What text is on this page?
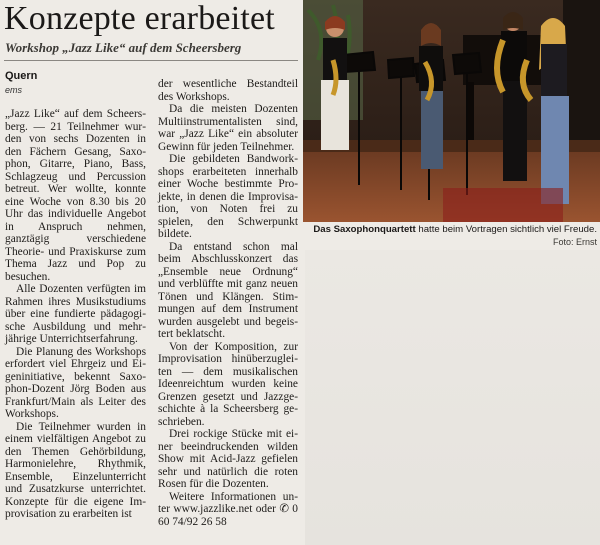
Konzepte erarbeitet
Workshop „Jazz Like“ auf dem Scheersberg
Quern
ems

„Jazz Like“ auf dem Scheersberg. — 21 Teilnehmer wurden von sechs Dozenten in den Fächern Gesang, Saxophon, Gitarre, Piano, Bass, Schlagzeug und Percussion betreut. Wer wollte, konnte eine Woche von 8.30 bis 20 Uhr das individuelle Angebot in Anspruch nehmen, ganztägig verschiedene Theorie- und Praxiskurse zum Thema Jazz und Pop zu besuchen.

Alle Dozenten verfügten im Rahmen ihres Musikstudiums über eine fundierte pädagogische Ausbildung und mehrjährige Unterrichtserfahrung.

Die Planung des Workshops erfordert viel Ehrgeiz und Eigeninitiative, bekennt Saxophon-Dozent Jörg Boden aus Frankfurt/Main als Leiter des Workshops.

Die Teilnehmer wurden in einem vielfältigen Angebot zu den Themen Gehörbildung, Harmonielehre, Rhythmik, Ensemble, Einzelunterricht und Zusatzkurse unterrichtet. Konzepte für die eigene Improvisation zu erarbeiten ist

der wesentliche Bestandteil des Workshops.

Da die meisten Dozenten Multiinstrumentalisten sind, war „Jazz Like“ ein absoluter Gewinn für jeden Teilnehmer.

Die gebildeten Bandworkshops erarbeiteten innerhalb einer Woche bestimmte Projekte, in denen die Improvisation, von Noten frei zu spielen, den Schwerpunkt bildete.

Da entstand schon mal beim Abschlusskonzert das „Ensemble neue Ordnung“ und verblüffte mit ganz neuen Tönen und Klängen. Stimmungen auf dem Instrument wurden ausgelebt und begeistert beklatscht.

Von der Komposition, zur Improvisation hinüberzugleiten — dem musikalischen Ideenreichtum wurden keine Grenzen gesetzt und Jazzgeschichte à la Scheersberg geschrieben.

Drei rockige Stücke mit einer beeindruckenden wilden Show mit Acid-Jazz gefielen sehr und natürlich die roten Rosen für die Dozenten.

Weitere Informationen unter www.jazzlike.net oder ✆ 0 60 74/92 26 58

Das Saxophonquartett hatte beim Vortragen sichtlich viel Freude.
Foto: Ernst
